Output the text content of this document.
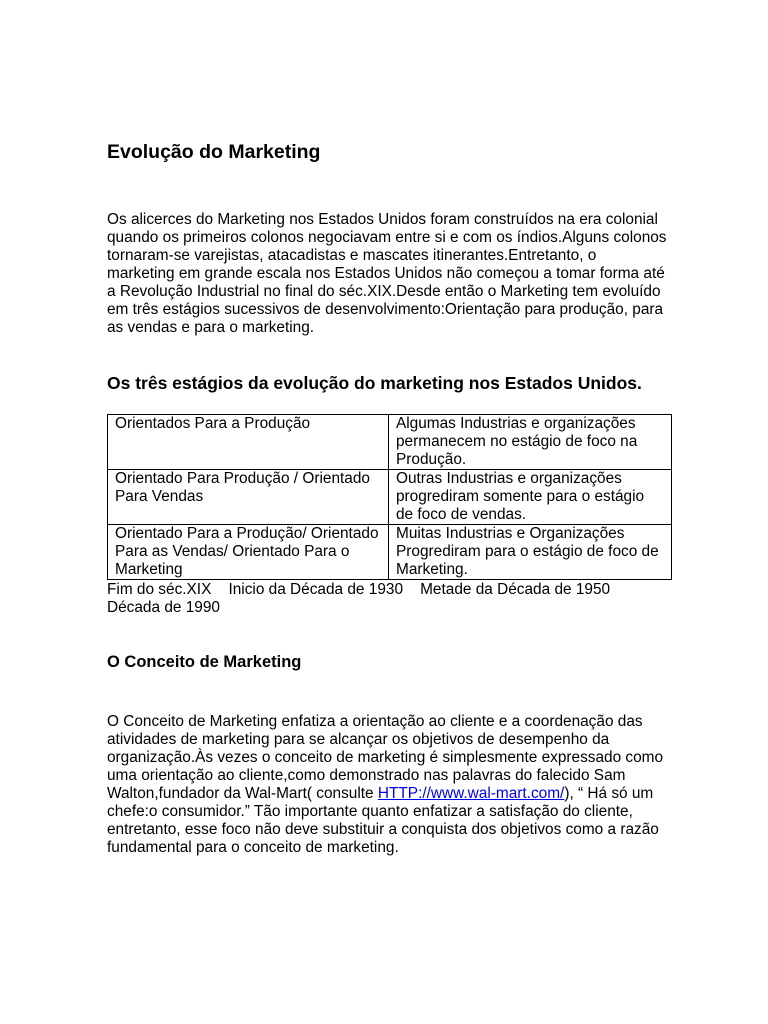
Evolução do Marketing

Os alicerces do Marketing nos Estados Unidos foram construídos na era colonial quando os primeiros colonos negociavam entre si e com os índios.Alguns colonos tornaram-se varejistas, atacadistas e mascates itinerantes.Entretanto, o marketing em grande escala nos Estados Unidos não começou a tomar forma até a Revolução Industrial no final do séc.XIX.Desde então o Marketing tem evoluído em três estágios sucessivos de desenvolvimento:Orientação para produção, para as vendas e para o marketing.

Os três estágios da evolução do marketing nos Estados Unidos.
Orientados Para a Produção	Algumas Industrias e organizações permanecem no estágio de foco na Produção.
Orientado Para Produção / Orientado Para Vendas	Outras Industrias e organizações progrediram somente para o estágio de foco de vendas.
Orientado Para a Produção/ Orientado Para as Vendas/ Orientado Para o Marketing	Muitas Industrias e Organizações Progrediram para o estágio de foco de Marketing.

Fim do séc.XIX    Inicio da Década de 1930    Metade da Década de 1950  Década de 1990

O Conceito de Marketing

O Conceito de Marketing enfatiza a orientação ao cliente e a coordenação das atividades de marketing para se alcançar os objetivos de desempenho da organização.Às vezes o conceito de marketing é simplesmente expressado como uma orientação ao cliente,como demonstrado nas palavras do falecido Sam Walton,fundador da Wal-Mart( consulte HTTP://www.wal-mart.com/), “ Há só um chefe:o consumidor.” Tão importante quanto enfatizar a satisfação do cliente, entretanto, esse foco não deve substituir a conquista dos objetivos como a razão fundamental para o conceito de marketing.
